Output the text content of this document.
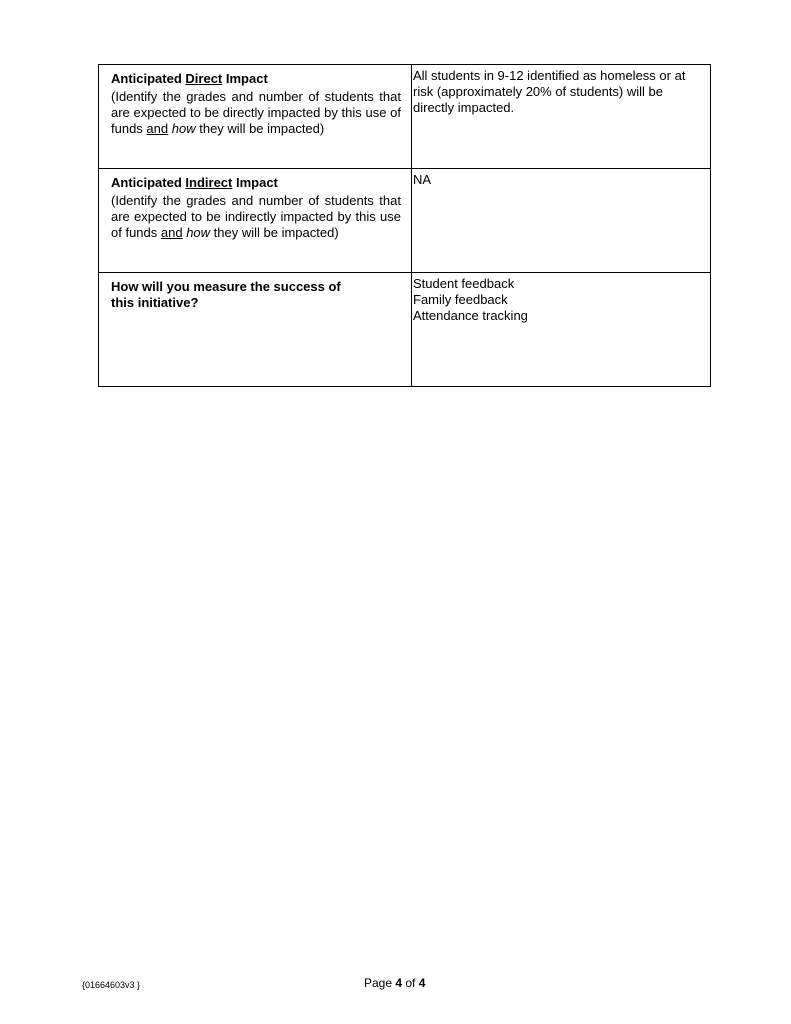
Anticipated Direct Impact
(Identify the grades and number of students that are expected to be directly impacted by this use of funds and how they will be impacted)	All students in 9-12 identified as homeless or at risk (approximately 20% of students) will be directly impacted.

Anticipated Indirect Impact
(Identify the grades and number of students that are expected to be indirectly impacted by this use of funds and how they will be impacted)	NA

How will you measure the success of this initiative?	Student feedback
Family feedback
Attendance tracking
{01664603v3 }	Page 4 of 4
